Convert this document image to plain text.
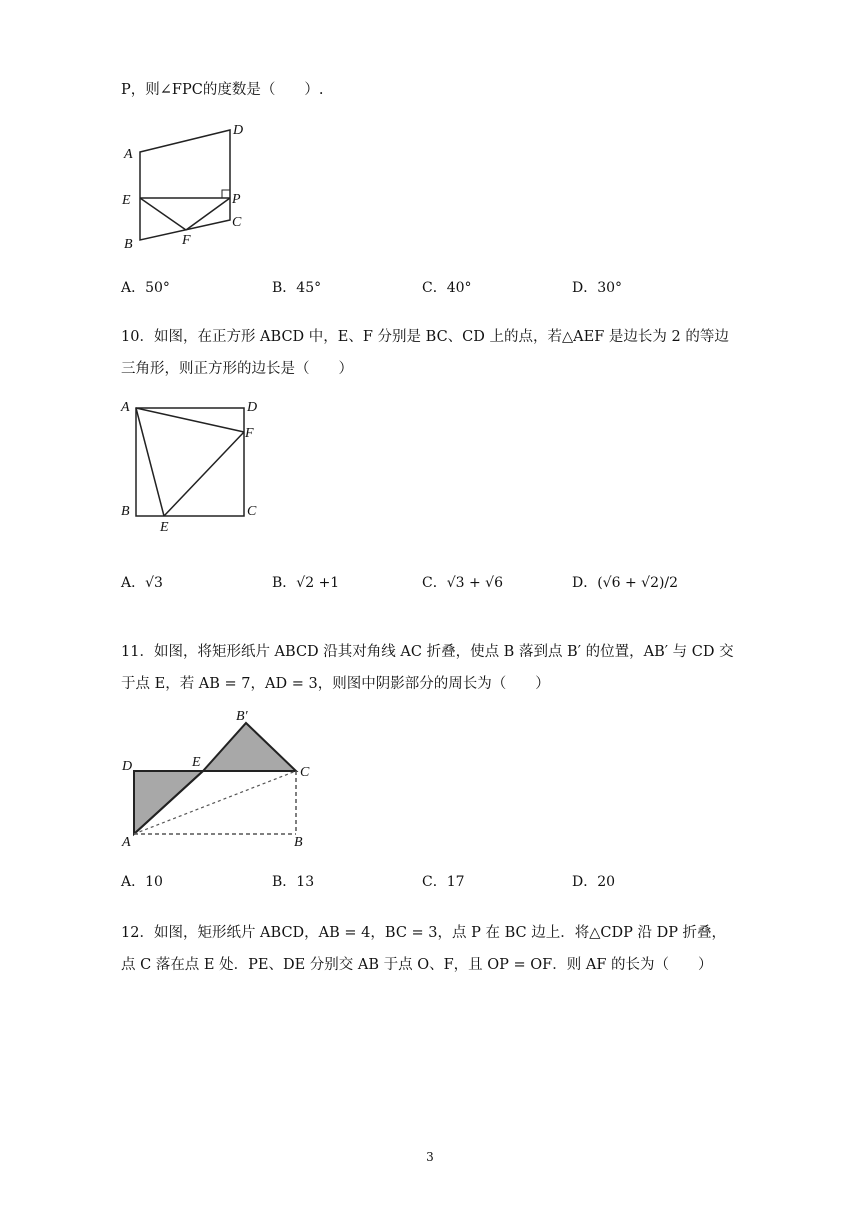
P，则∠FPC的度数是（　　）.
A
D
E	P
C
B	F
A．50°	B．45°	C．40°	D．30°
10．如图，在正方形 ABCD 中，E、F 分别是 BC、CD 上的点，若△AEF 是边长为 2 的等边
三角形，则正方形的边长是（　　）
A	D
F
B	C
E
A．√3	B．√2 +1	C．√3 + √6	D．(√6 + √2)/2
11．如图，将矩形纸片 ABCD 沿其对角线 AC 折叠，使点 B 落到点 B′ 的位置，AB′ 与 CD 交
于点 E，若 AB = 7，AD = 3，则图中阴影部分的周长为（　　）
D	E
B′
C
A	B
A．10	B．13	C．17	D．20
12．如图，矩形纸片 ABCD，AB = 4，BC = 3，点 P 在 BC 边上．将△CDP 沿 DP 折叠，
点 C 落在点 E 处．PE、DE 分别交 AB 于点 O、F，且 OP = OF．则 AF 的长为（　　）
3
